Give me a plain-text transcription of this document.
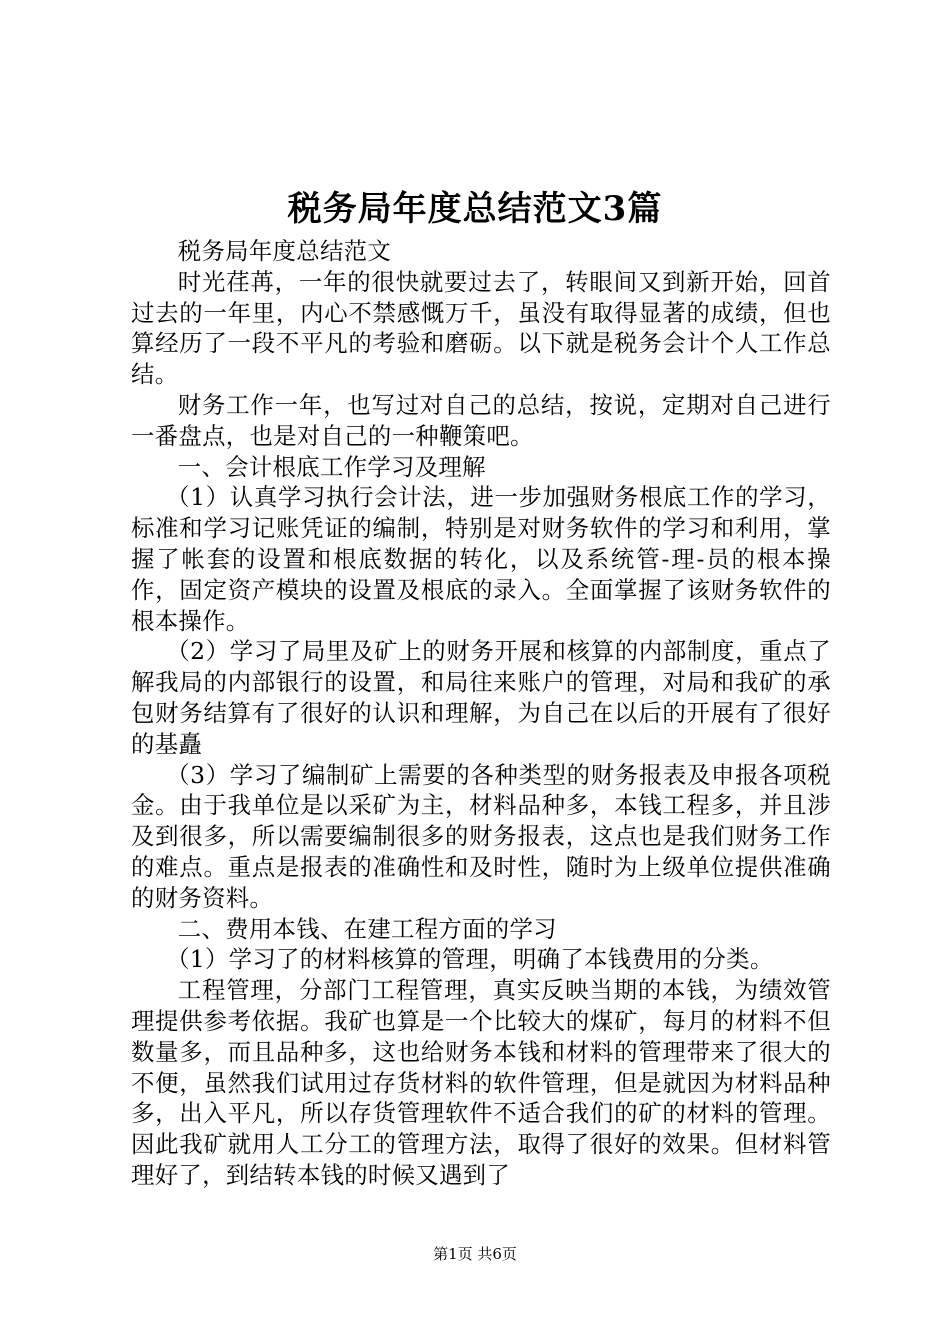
税务局年度总结范文3篇

税务局年度总结范文

时光荏苒，一年的很快就要过去了，转眼间又到新开始，回首过去的一年里，内心不禁感慨万千，虽没有取得显著的成绩，但也算经历了一段不平凡的考验和磨砺。以下就是税务会计个人工作总结。

财务工作一年，也写过对自己的总结，按说，定期对自己进行一番盘点，也是对自己的一种鞭策吧。

一、会计根底工作学习及理解

（1）认真学习执行会计法，进一步加强财务根底工作的学习，标准和学习记账凭证的编制，特别是对财务软件的学习和利用，掌握了帐套的设置和根底数据的转化，以及系统管-理-员的根本操作，固定资产模块的设置及根底的录入。全面掌握了该财务软件的根本操作。

（2）学习了局里及矿上的财务开展和核算的内部制度，重点了解我局的内部银行的设置，和局往来账户的管理，对局和我矿的承包财务结算有了很好的认识和理解，为自己在以后的开展有了很好的基矗

（3）学习了编制矿上需要的各种类型的财务报表及申报各项税金。由于我单位是以采矿为主，材料品种多，本钱工程多，并且涉及到很多，所以需要编制很多的财务报表，这点也是我们财务工作的难点。重点是报表的准确性和及时性，随时为上级单位提供准确的财务资料。

二、费用本钱、在建工程方面的学习

（1）学习了的材料核算的管理，明确了本钱费用的分类。

工程管理，分部门工程管理，真实反映当期的本钱，为绩效管理提供参考依据。我矿也算是一个比较大的煤矿，每月的材料不但数量多，而且品种多，这也给财务本钱和材料的管理带来了很大的不便，虽然我们试用过存货材料的软件管理，但是就因为材料品种多，出入平凡，所以存货管理软件不适合我们的矿的材料的管理。因此我矿就用人工分工的管理方法，取得了很好的效果。但材料管理好了，到结转本钱的时候又遇到了

第1页 共6页
